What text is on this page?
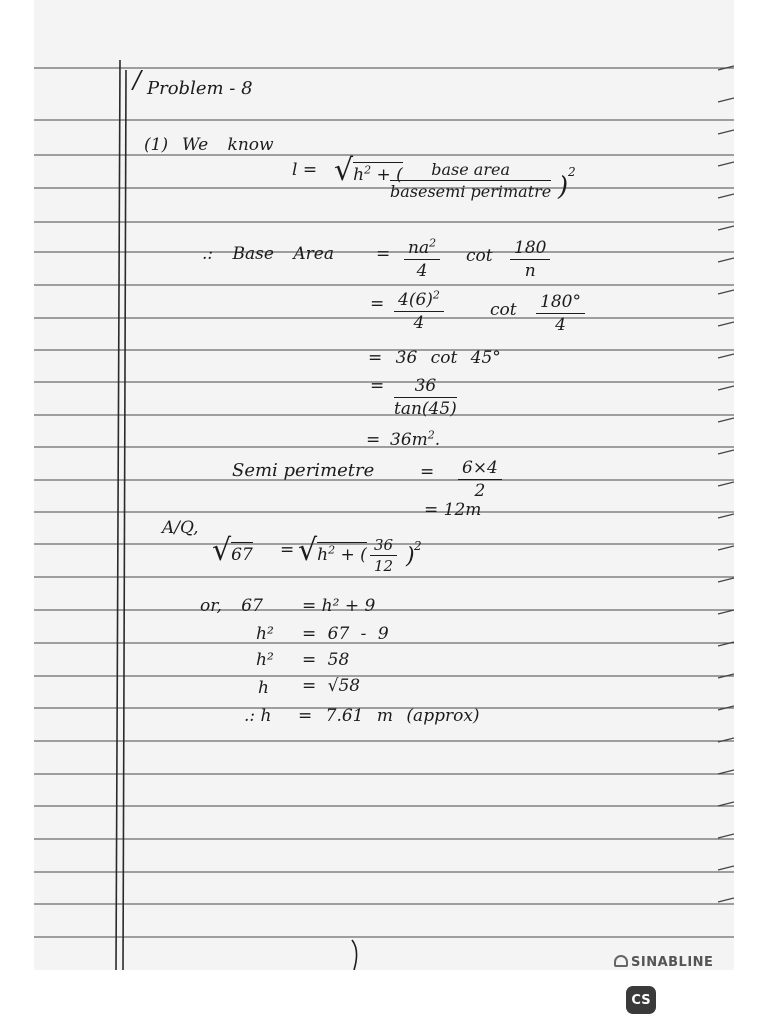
/ Problem - 8
(1) We know
$l = √h^2$ + (	base area
basesemi perimatre ) 2
.: Base Area = $\frac{na^2}{4}$ $\cot \frac{180}{n}$
= $\frac{4(6)^2}{4}$	$\cot \frac{180^\circ}{4}$
= 36 cot 45°
= $\frac{36}{\tan(45)}$
= $36m^2$.
Semi perimetre	= $\frac{6\times 4}{2}$
= 12m
A/Q,
$√67 = √h^2$ + ( $\frac{36}{12}$ ) 2
or, 67 = h² + 9
h² = 67 - 9
h² = 58
h = √58
.: h = 7.61 m (approx)
SINABLINE
CS
